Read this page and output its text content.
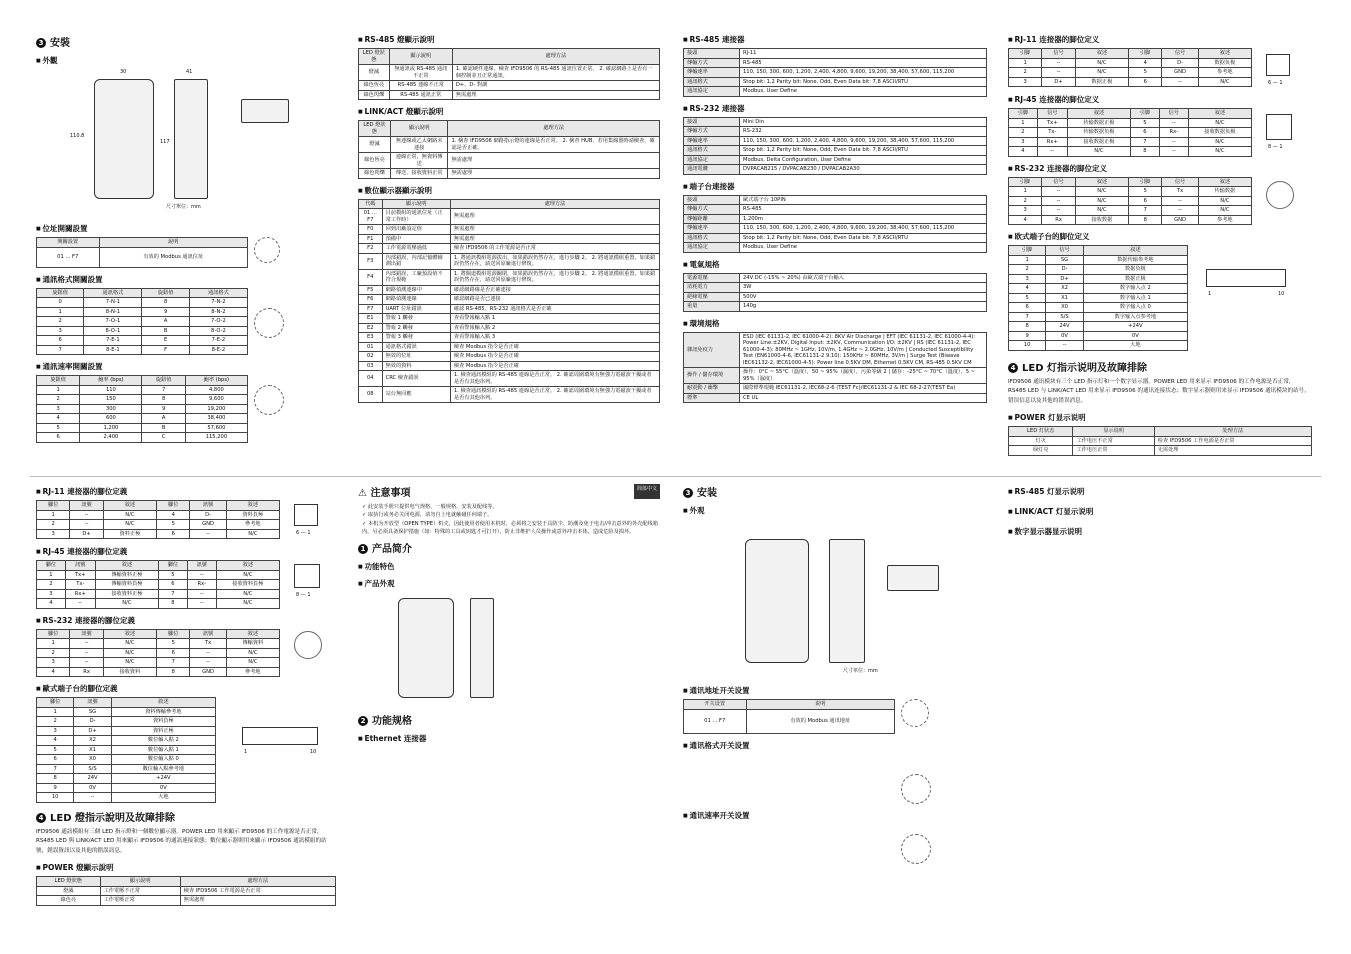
3 安裝
■ 外觀
30	41
110.8
117
尺寸單位：mm
■ 位址開關設置
開關設置	說明
01 ... F7	有效的 Modbus 通訊位址
■ 通訊格式開關設置
旋鈕值	通訊格式	旋鈕值	通訊格式
0	7-N-1	8	7-N-2
1	8-N-1	9	8-N-2
2	7-O-1	A	7-O-2
3	8-O-1	B	8-O-2
6	7-E-1	E	7-E-2
7	8-E-1	F	8-E-2
■ 通訊速率開關設置
旋鈕值	鮑率 (bps)	旋鈕值	鮑率 (bps)
1	110	7	4,800
2	150	8	9,600
3	300	9	19,200
4	600	A	38,400
5	1,200	B	57,600
6	2,400	C	115,200
■ RS-485 燈顯示說明
LED 燈狀態	顯示說明	處理方法
燈滅	無通訊或 RS-485 通訊不正常	1. 確認硬件連線，檢查 IFD9506 的 RS-485 通訊位置正常。 2. 確認網路上是否有一個控制並且正常通訊。
綠色恆亮	RS-485 連線不正常	D+、D- 對調
綠色閃爍	RS-485 通訊正常	無需處理
■ LINK/ACT 燈顯示說明
LED 燈狀態	顯示說明	處理方法
燈滅	無連線或乙太網路未連接	1. 檢查 IFD9506 網路指示燈的連線是否正常。 2. 檢查 HUB，若用集線器時請檢查，確認是否正確。
綠色恆亮	連線正常，無資料傳送	無需處理
綠色閃爍	傳送，接收資料正常	無需處理
■ 數位顯示器顯示說明
代碼	顯示說明	處理方法
01 ... F7	目前模組的通訊位址（正常工作時）	無需處理
F0	回到出廠設定值	無需處理
F1	預備中	無需處理
F2	工作電源電壓過低	檢查 IFD9506 的工作電源是否正常
F3	內部錯誤，內部記憶體檢測出錯	1. 將通訊模組電源拔出，如果錯誤仍然存在，進行步驟 2。 2. 將通訊模組重置，如果錯誤仍然存在，請送回原廠進行修復。
F4	內部錯誤，工廠預設值不符合規範	1. 將閘道模組電源關閉，如果錯誤仍然存在，進行步驟 2。 2. 將通訊模組重置，如果錯誤仍然存在，請送回原廠進行修復。
F5	網路偵測連線中	確認網路線是否正確連接
F6	網路偵測連線	確認網路是否已連接
F7	UART 位址錯誤	確認 RS-485、RS-232 通訊格式是否正確
E1	警報 1 觸發	查看警報輸入點 1
E2	警報 2 觸發	查看警報輸入點 2
E3	警報 3 觸發	查看警報輸入點 3
01	通訊格式錯誤	檢查 Modbus 指令是否正確
02	無效的位址	檢查 Modbus 指令是否正確
03	無效的資料	檢查 Modbus 指令是否正確
04	CRC 檢查錯誤	1. 檢查通訊模組的 RS-485 連線是否正常。 2. 確認周圍環境有無強力電磁波干擾或者是否有其他串列。
08	站台無回應	1. 檢查通訊模組的 RS-485 連線是否正常。 2. 確認周圍環境有無強力電磁波干擾或者是否有其他串列。
■ RS-485 連接器
接頭	RJ-11
傳輸方式	RS-485
傳輸速率	110, 150, 300, 600, 1,200, 2,400, 4,800, 9,600, 19,200, 38,400, 57,600, 115,200
通訊格式	Stop bit: 1,2 Parity bit: None, Odd, Even Data bit: 7,8 ASCII/RTU
通訊協定	Modbus, User Define
■ RS-232 連接器
接頭	Mini Din
傳輸方式	RS-232
傳輸速率	110, 150, 300, 600, 1,200, 2,400, 4,800, 9,600, 19,200, 38,400, 57,600, 115,200
通訊格式	Stop bit: 1,2 Parity bit: None, Odd, Even Data bit: 7,8 ASCII/RTU
通訊協定	Modbus, Delta Configuration, User Define
通訊電纜	DVPACAB215 / DVPACAB230 / DVPACAB2A30
■ 端子台連接器
接頭	歐式端子台 10PIN
傳輸方式	RS-485
傳輸距離	1,200m
傳輸速率	110, 150, 300, 600, 1,200, 2,400, 4,800, 9,600, 19,200, 38,400, 57,600, 115,200
通訊格式	Stop bit: 1,2 Parity bit: None, Odd, Even Data bit: 7,8 ASCII/RTU
通訊協定	Modbus, User Define
■ 電氣規格
電源電壓	24V DC (-15% ~ 20%) 由歐式端子台輸入
消耗電力	3W
絕緣電壓	500V
重量	140g
■ 環境規格
雜訊免疫力	ESD (IEC 61131-2, IEC 61000-4-2): 8KV Air Discharge | EFT (IEC 61131-2, IEC 61000-4-4): Power Line:±2KV, Digital Input: ±2KV, Communication I/O: ±2KV | RS (IEC 61131-2, IEC 61000-4-3): 80MHz ~ 1GHz, 10V/m, 1.4GHz ~ 2.0GHz, 10V/m | Conducted Susceptibility Test (EN61000-4-6, IEC61131-2 9.10): 150KHz ~ 80MHz, 3V/m | Surge Test (Biwave IEC61132-2, IEC61000-4-5): Power line 0.5KV DM, Ethernet 0.5KV CM, RS-485 0.5KV CM
操作 / 儲存環境	操作：0°C ~ 55°C（溫度），50 ~ 95%（濕度），污染等級 2 | 儲存：-25°C ~ 70°C（溫度），5 ~ 95%（濕度）
耐震動 / 衝擊	國際標準規範 IEC61131-2, IEC68-2-6 (TEST Fc)/IEC61131-2 & IEC 68-2-27(TEST Ea)
標準	CE UL
■ RJ-11 连接器的脚位定义
引脚	信号	叙述	引脚	信号	叙述
1	--	N/C	4	D-	数据负极
2	--	N/C	5	GND	参考地
3	D+	数据正极	6	--	N/C	6 — 1
■ RJ-45 连接器的脚位定义
引脚	信号	叙述	引脚	信号	叙述
1	Tx+	传输数据正极	5	--	N/C
2	Tx-	传输数据负极	6	Rx-	接收数据负极
3	Rx+	接收数据正极	7	--	N/C
4	--	N/C	8	--	N/C
8 — 1
■ RS-232 连接器的脚位定义
引脚	信号	叙述	引脚	信号	叙述
1	--	N/C	5	Tx	传输数据
2	--	N/C	6	--	N/C
3	--	N/C	7	--	N/C
4	Rx	接收数据	8	GND	参考地
■ 欧式端子台的脚位定义
引脚	信号	叙述
1	SG	数据传输参考地
2	D-	数据负极
3	D+	数据正极
4	X2	数字输入点 2
5	X1	数字输入点 1
6	X0	数字输入点 0
7	S/S	数字输入点参考地
8	24V	+24V
9	0V	0V
10	--	大地
1	10
4 LED 灯指示说明及故障排除
IFD9506 通讯模块有三个 LED 指示灯和一个数字显示器。POWER LED 用来显示 IFD9506 的工作电源是否正常，RS485 LED 与 LINK/ACT LED 用来显示 IFD9506 的通讯连接状态；数字显示器则用来显示 IFD9506 通讯模块的站号，错误信息以及其他的错误消息。
■ POWER 灯显示说明
LED 灯状态	显示说明	处理方法
灯灭	工作电压不正常	检查 IFD9506 工作电源是否正常
绿灯亮	工作电压正常	无需处理
■ RJ-11 連接器的腳位定義
腳位	訊號	敘述	腳位	訊號	敘述
1	--	N/C	4	D-	資料負極
2	--	N/C	5	GND	參考地
3	D+	資料正極	6	--	N/C	6 — 1
■ RJ-45 連接器的腳位定義
腳位	訊號	敘述	腳位	訊號	敘述
1	Tx+	傳輸資料正極	5	--	N/C
2	Tx-	傳輸資料負極	6	Rx-	接收資料負極
3	Rx+	接收資料正極	7	--	N/C
4	--	N/C	8	--	N/C
8 — 1
■ RS-232 連接器的腳位定義
腳位	訊號	敘述	腳位	訊號	敘述
1	--	N/C	5	Tx	傳輸資料
2	--	N/C	6	--	N/C
3	--	N/C	7	--	N/C
4	Rx	接收資料	8	GND	參考地
■ 歐式端子台的腳位定義
腳位	訊號	敘述
1	SG	資料傳輸參考地
2	D-	資料負極
3	D+	資料正極
4	X2	數位輸入點 2
5	X1	數位輸入點 1
6	X0	數位輸入點 0
7	S/S	數位輸入點參考地
8	24V	+24V
9	0V	0V
10	--	大地
1	10
4 LED 燈指示說明及故障排除
IFD9506 通訊模組有三個 LED 指示燈和一個數位顯示器。POWER LED 用來顯示 IFD9506 的工作電源是否正常，RS485 LED 與 LINK/ACT LED 用來顯示 IFD9506 的通訊連接狀態；數位顯示器則用來顯示 IFD9506 通訊模組的站號，錯誤資訊以及其他的錯誤訊息。
■ POWER 燈顯示說明
LED 燈狀態	顯示說明	處理方法
燈滅	工作電壓不正常	檢查 IFD9506 工作電源是否正常
綠色亮	工作電壓正常	無需處理
⚠ 注意事項	简体中文
✓ 此安装手册只提供电气规格、一般规格、安装及配线等。
✓ 取执行或务必关闭电源，请勿自上电就触碰任何端子。
✓ 本机为开放型（OPEN TYPE）机壳，因此使用者使用本机时，必须将之安装于具防尘、防潮及免于电击/冲击意外的外壳配线箱内。另必须具备保护措施（如：特殊的工具或钥匙才可打开），防止非维护人员操作或意外冲击本体，造成危险及损坏。
1 产品简介
■ 功能特色
■ 产品外观
2 功能规格
■ Ethernet 连接器
3 安装
■ 外观
尺寸单位：mm
■ 通讯地址开关设置
开关设置	说明
01 ... F7	有效的 Modbus 通讯地址
■ 通讯格式开关设置
■ 通讯速率开关设置
■ RS-485 灯显示说明
■ LINK/ACT 灯显示说明
■ 数字显示器显示说明
